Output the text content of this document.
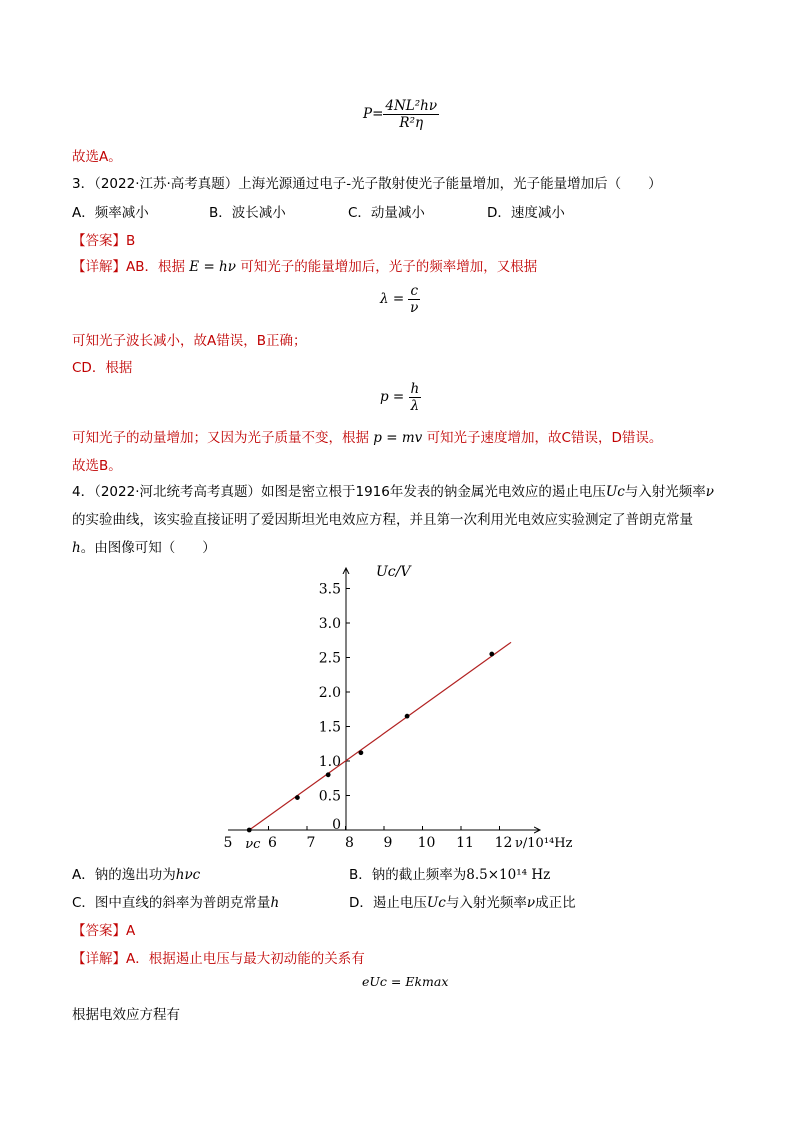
$P= \frac{\text{4NL²hν}}{\text{R²η}}$
故选A。
3．（2022·江苏·高考真题）上海光源通过电子-光子散射使光子能量增加，光子能量增加后（　　）
A．频率减小	B．波长减小	C．动量减小	D．速度减小
【答案】B
【详解】AB．根据 E = hν 可知光子的能量增加后，光子的频率增加，又根据
$\lambda = \frac{c}{\nu}$
可知光子波长减小，故A错误，B正确；
CD．根据
$p = \frac{h}{\lambda}$
可知光子的动量增加；又因为光子质量不变，根据 p = mv 可知光子速度增加，故C错误，D错误。
故选B。
4．（2022·河北统考高考真题）如图是密立根于1916年发表的钠金属光电效应的遏止电压Uc与入射光频率ν
的实验曲线，该实验直接证明了爱因斯坦光电效应方程，并且第一次利用光电效应实验测定了普朗克常量
h。由图像可知（　　）
5	6 7 8 9 10 11 12
0
0.5
1.0
1.5
2.0
2.5
3.0
3.5
Uc/V
ν/10¹⁴Hz
νc
A．钠的逸出功为hνc	B．钠的截止频率为8.5×10¹⁴ Hz
C．图中直线的斜率为普朗克常量h	D．遏止电压Uc与入射光频率ν成正比
【答案】A
【详解】A．根据遏止电压与最大初动能的关系有
eUc = Ekmax
根据电效应方程有
